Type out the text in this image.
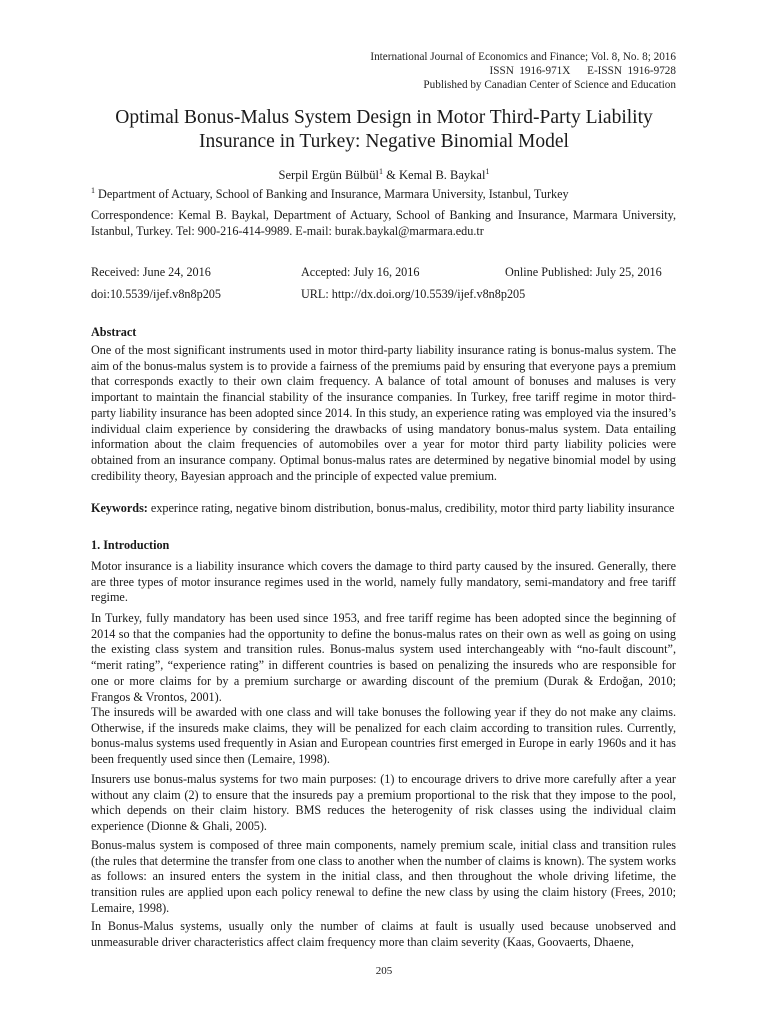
International Journal of Economics and Finance; Vol. 8, No. 8; 2016
ISSN  1916-971X      E-ISSN  1916-9728
Published by Canadian Center of Science and Education
Optimal Bonus-Malus System Design in Motor Third-Party Liability
Insurance in Turkey: Negative Binomial Model
Serpil Ergün Bülbül$^1$ & Kemal B. Baykal$^1$
$^1$ Department of Actuary, School of Banking and Insurance, Marmara University, Istanbul, Turkey
Correspondence: Kemal B. Baykal, Department of Actuary, School of Banking and Insurance, Marmara University, Istanbul, Turkey. Tel: 900-216-414-9989. E-mail: burak.baykal@marmara.edu.tr
Received: June 24, 2016	Accepted: July 16, 2016	Online Published: July 25, 2016
doi:10.5539/ijef.v8n8p205	URL: http://dx.doi.org/10.5539/ijef.v8n8p205
Abstract

One of the most significant instruments used in motor third-party liability insurance rating is bonus-malus system. The aim of the bonus-malus system is to provide a fairness of the premiums paid by ensuring that everyone pays a premium that corresponds exactly to their own claim frequency. A balance of total amount of bonuses and maluses is very important to maintain the financial stability of the insurance companies. In Turkey, free tariff regime in motor third-party liability insurance has been adopted since 2014. In this study, an experience rating was employed via the insured’s individual claim experience by considering the drawbacks of using mandatory bonus-malus system. Data entailing information about the claim frequencies of automobiles over a year for motor third party liability policies were obtained from an insurance company. Optimal bonus-malus rates are determined by negative binomial model by using credibility theory, Bayesian approach and the principle of expected value premium.

Keywords: experince rating, negative binom distribution, bonus-malus, credibility, motor third party liability insurance
1. Introduction

Motor insurance is a liability insurance which covers the damage to third party caused by the insured. Generally, there are three types of motor insurance regimes used in the world, namely fully mandatory, semi-mandatory and free tariff regime.

In Turkey, fully mandatory has been used since 1953, and free tariff regime has been adopted since the beginning of 2014 so that the companies had the opportunity to define the bonus-malus rates on their own as well as going on using the existing class system and transition rules. Bonus-malus system used interchangeably with “no-fault discount”, “merit rating”, “experience rating” in different countries is based on penalizing the insureds who are responsible for one or more claims for by a premium surcharge or awarding discount of the premium (Durak & Erdoğan, 2010; Frangos & Vrontos, 2001).

The insureds will be awarded with one class and will take bonuses the following year if they do not make any claims. Otherwise, if the insureds make claims, they will be penalized for each claim according to transition rules. Currently, bonus-malus systems used frequently in Asian and European countries first emerged in Europe in early 1960s and it has been frequently used since then (Lemaire, 1998).

Insurers use bonus-malus systems for two main purposes: (1) to encourage drivers to drive more carefully after a year without any claim (2) to ensure that the insureds pay a premium proportional to the risk that they impose to the pool, which depends on their claim history. BMS reduces the heterogenity of risk classes using the individual claim experience (Dionne & Ghali, 2005).

Bonus-malus system is composed of three main components, namely premium scale, initial class and transition rules (the rules that determine the transfer from one class to another when the number of claims is known). The system works as follows: an insured enters the system in the initial class, and then throughout the whole driving lifetime, the transition rules are applied upon each policy renewal to define the new class by using the claim history (Frees, 2010; Lemaire, 1998).

In Bonus-Malus systems, usually only the number of claims at fault is usually used because unobserved and unmeasurable driver characteristics affect claim frequency more than claim severity (Kaas, Goovaerts, Dhaene,

205
